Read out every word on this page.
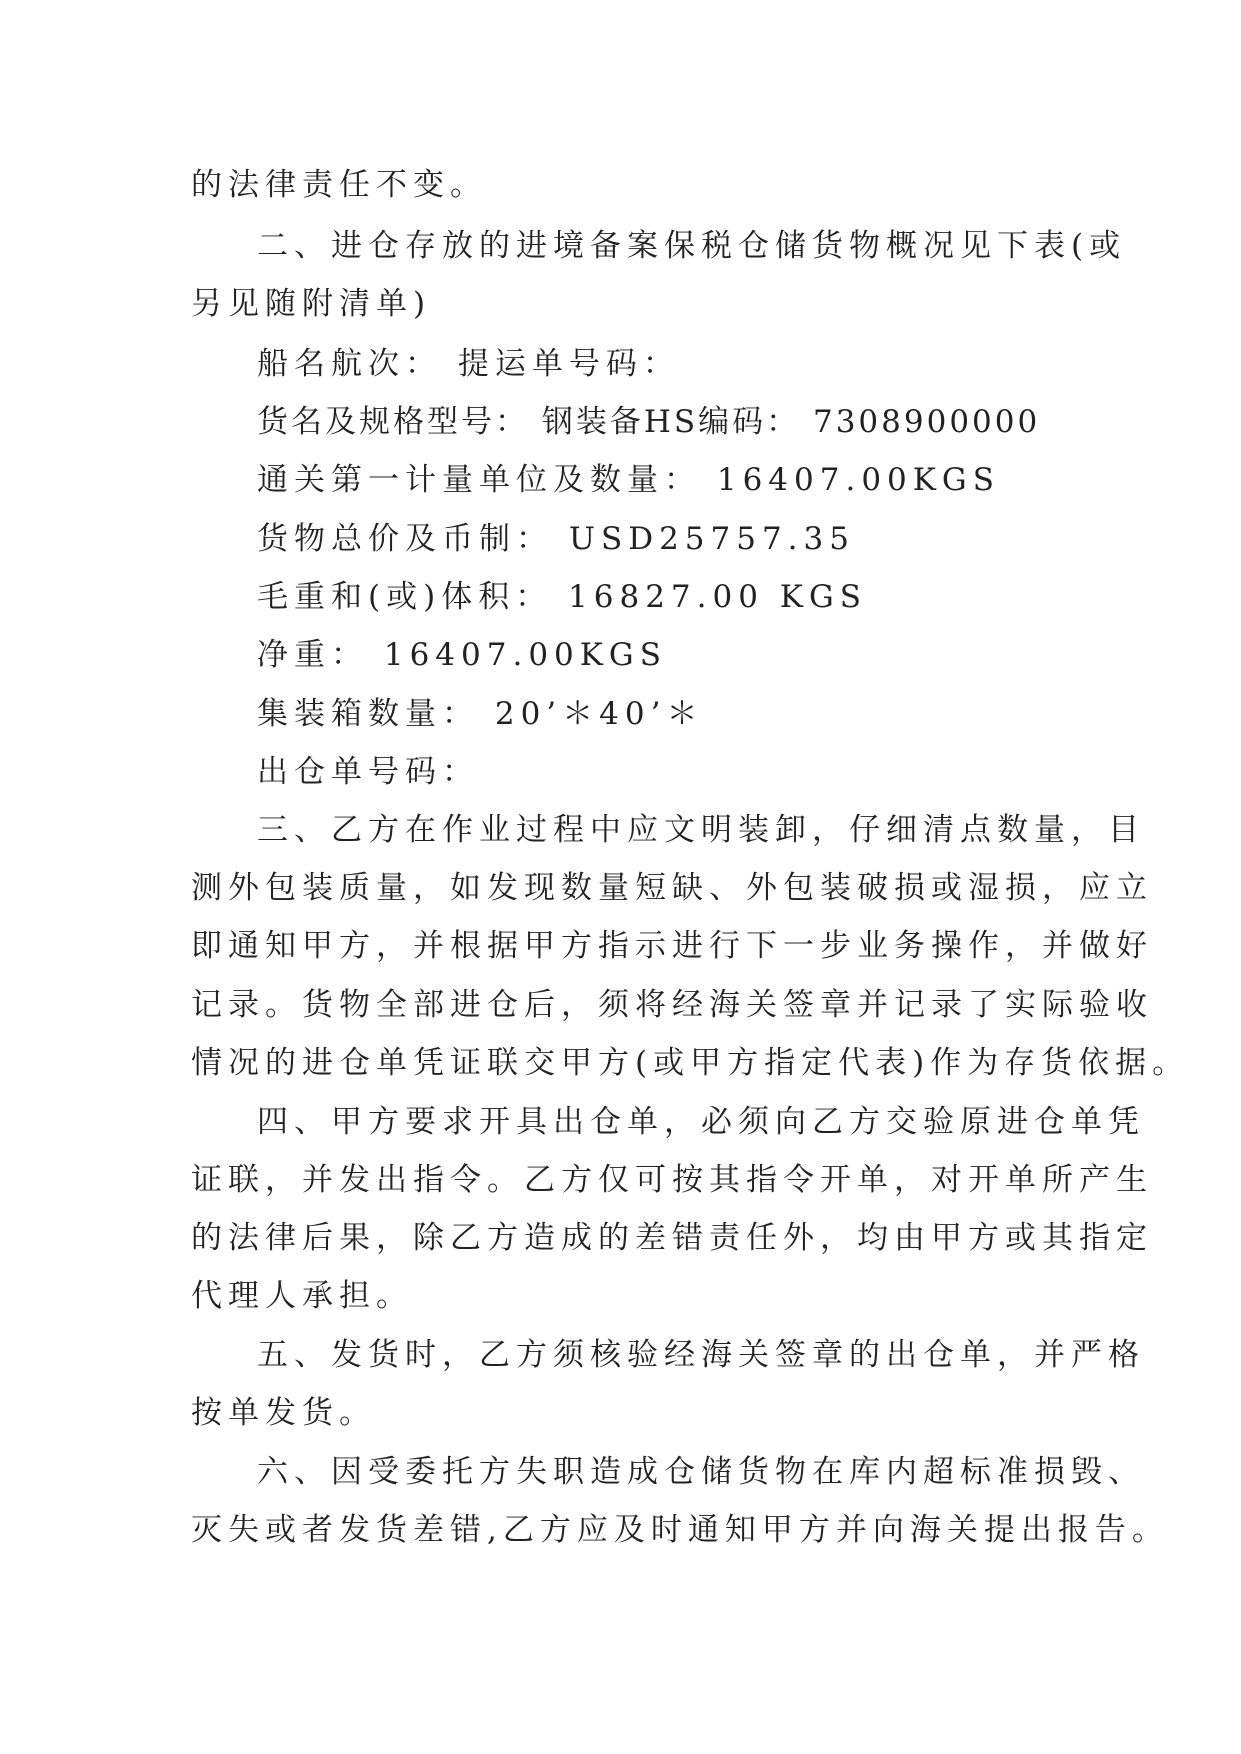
的法律责任不变。
二、进仓存放的进境备案保税仓储货物概况见下表(或
另见随附清单)
船名航次： 提运单号码：
货名及规格型号： 钢装备HS编码： 7308900000
通关第一计量单位及数量： 16407.00KGS
货物总价及币制： USD25757.35
毛重和(或)体积： 16827.00 KGS
净重： 16407.00KGS
集装箱数量： 20’＊40’＊
出仓单号码：
三、乙方在作业过程中应文明装卸，仔细清点数量，目
测外包装质量，如发现数量短缺、外包装破损或湿损，应立
即通知甲方，并根据甲方指示进行下一步业务操作，并做好
记录。货物全部进仓后，须将经海关签章并记录了实际验收
情况的进仓单凭证联交甲方(或甲方指定代表)作为存货依据。
四、甲方要求开具出仓单，必须向乙方交验原进仓单凭
证联，并发出指令。乙方仅可按其指令开单，对开单所产生
的法律后果，除乙方造成的差错责任外，均由甲方或其指定
代理人承担。
五、发货时，乙方须核验经海关签章的出仓单，并严格
按单发货。
六、因受委托方失职造成仓储货物在库内超标准损毁、
灭失或者发货差错,乙方应及时通知甲方并向海关提出报告。
